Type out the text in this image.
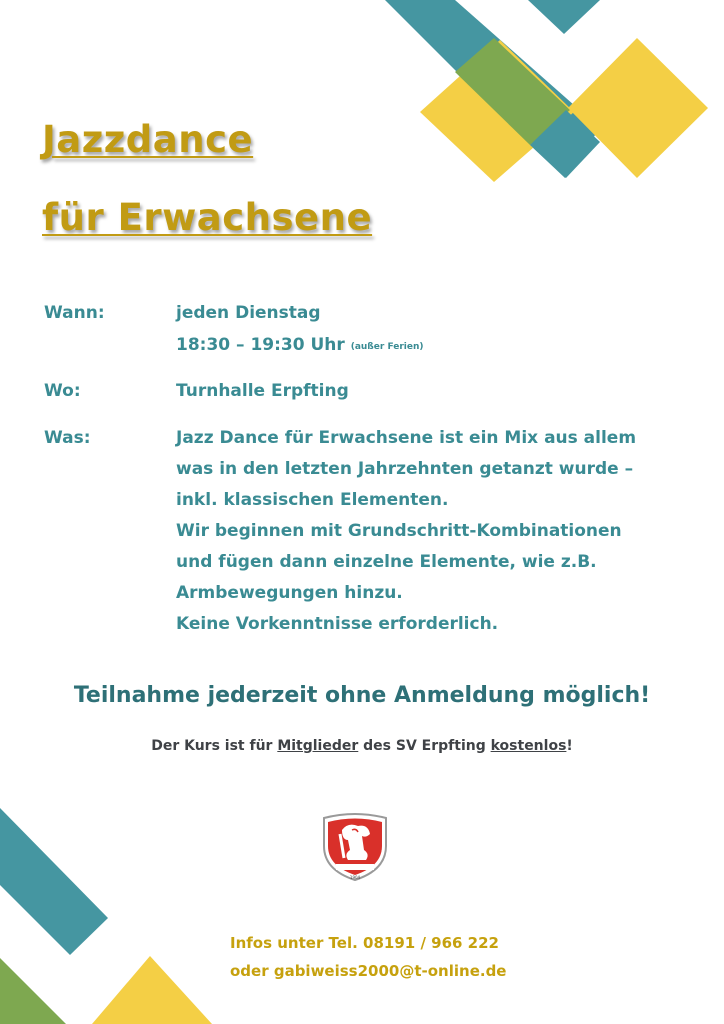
Jazzdance
für Erwachsene

Wann:	jeden Dienstag

18:30 – 19:30 Uhr (außer Ferien)

Wo:	Turnhalle Erpfting

Was:	Jazz Dance für Erwachsene ist ein Mix aus allem

was in den letzten Jahrzehnten getanzt wurde –

inkl. klassischen Elementen.

Wir beginnen mit Grundschritt-Kombinationen

und fügen dann einzelne Elemente, wie z.B.

Armbewegungen hinzu.

Keine Vorkenntnisse erforderlich.

Teilnahme jederzeit ohne Anmeldung möglich!

Der Kurs ist für Mitglieder des SV Erpfting kostenlos!

1904

Infos unter Tel. 08191 / 966 222

oder gabiweiss2000@t-online.de
